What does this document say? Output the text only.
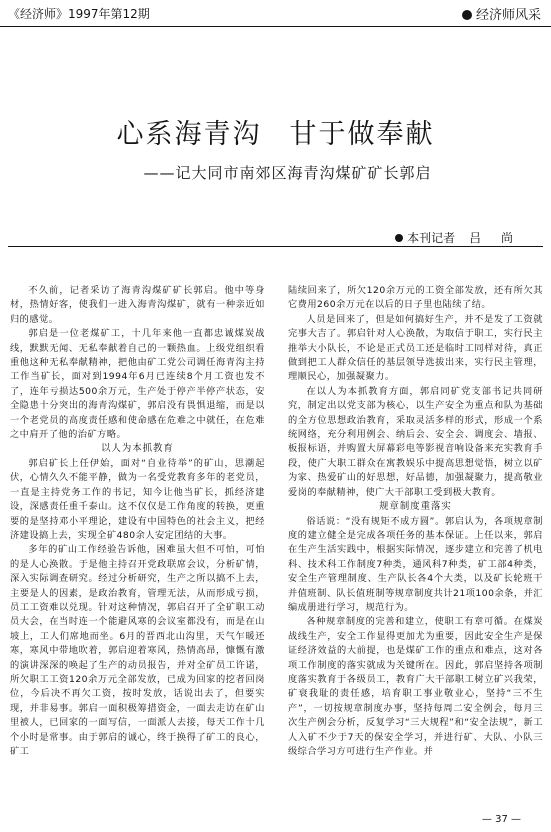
《经济师》1997年第12期	经济师风采
心系海青沟 甘于做奉献
——记大同市南郊区海青沟煤矿矿长郭启
本刊记者 吕 尚

不久前，记者采访了海青沟煤矿矿长郭启。他中等身材，热情好客，使我们一进入海青沟煤矿，就有一种亲近如归的感觉。

郭启是一位老煤矿工，十几年来他一直都忠诚煤炭战线，默默无闻、无私奉献着自己的一颗热血。上级党组织看重他这种无私奉献精神，把他由矿工党公司调任海青沟主持工作当矿长，面对到1994年6月已连续8个月工资也发不了，连年亏损达500余万元，生产处于停产半停产状态，安全隐患十分突出的海青沟煤矿，郭启没有畏惧退缩，而是以一个老党员的高度责任感和使命感在危难之中就任，在危难之中肩开了他的治矿方略。

以人为本抓教育

郭启矿长上任伊始，面对“自业待举”的矿山，思潮起伏，心情久久不能平静，做为一名受党教育多年的老党员，一直是主持党务工作的书记，知今让他当矿长，抓经济建设，深感责任重千泰山。这不仅仅是工作角度的转换，更重要的是坚持邓小平理论，建设有中国特色的社会主义，把经济建设搞上去，实现全矿480余人安定团结的大事。

多年的矿山工作经验告诉他，困难虽大但不可怕，可怕的是人心涣散。于是他主持召开党政联席会议，分析矿情，深入实际调查研究。经过分析研究，生产之所以搞不上去，主要是人的因素，是政治教育，管理无法，从而形成亏损，员工工资难以兑现。针对这种情况，郭启召开了全矿职工动员大会，在当时连一个能避风寒的会议室都没有，而是在山坡上，工人们席地而坐。6月的晋西北山沟里，天气乍暖还寒，寒风中带地吹着，郭启迎着寒风，热情高昂，慷慨有激的演讲深深的唤起了生产的动员报告，并对全矿员工许诺，所欠职工工资120余万元全部发放，已成为回家的挖者回岗位，今后决不再欠工资，按时发放，话说出去了，但要实现，并非易事。郭启一面积极筹措资金，一面去走访在矿山里被人，已回家的一面写信，一面派人去接，每天工作十几个小时是常事。由于郭启的诚心，终于换得了矿工的良心，矿工

陆续回来了，所欠120余万元的工资全部发放，还有所欠其它费用260余万元在以后的日子里也陆续了结。

人员是回来了，但是如何搞好生产，并不是发了工资就完事大吉了。郭启针对人心涣散，为取信于职工，实行民主推举大小队长，不论是正式员工还是临时工同样对待，真正做到把工人群众信任的基层领导选拔出来，实行民主管理，理顺民心，加强凝聚力。

在以人为本抓教育方面，郭启同矿党支部书记共同研究，制定出以党支部为核心，以生产安全为重点和队为基础的全方位思想政治教育，采取灵活多样的形式，形成一个系统网络，充分利用例会、纳后会、安全会、调度会、墙报、板报标语，并购置大屏幕彩电等影视音响设备来充实教育手段，使广大职工群众在寓教娱乐中提高思想觉悟，树立以矿为家、热爱矿山的好思想，好品德，加强凝聚力，提高敬业爱岗的奉献精神，使广大干部职工受到极大教育。

规章制度重落实

俗话说：“没有规矩不成方圆”。郭启认为，各项规章制度的建立健全是完成各项任务的基本保证。上任以来，郭启在生产生活实践中，根据实际情况，逐步建立和完善了机电科、技术科工作制度7种类，通风科7种类，矿工部4种类，安全生产管理制度、生产队长各4个大类，以及矿长轮班干并值班制、队长值班制等规章制度共计21项100余条，并汇编成册进行学习，规范行为。

各种规章制度的完善和建立，使职工有章可循。在煤炭战线生产，安全工作显得更加尤为重要，因此安全生产是保证经济效益的大前提，也是煤矿工作的重点和难点，这对各项工作制度的落实就成为关键所在。因此，郭启坚持各项制度落实教育于各级员工，教育广大干部职工树立矿兴我荣，矿衰我耻的责任感，培育职工事业敬业心，坚持“三不生产”，一切按规章制度办事，坚持每周二安全例会，每月三次生产例会分析，反复学习“三大规程”和“安全法规”，新工人入矿不少于7天的保安全学习，并进行矿、大队、小队三级综合学习方可进行生产作业。并

— 37 —
